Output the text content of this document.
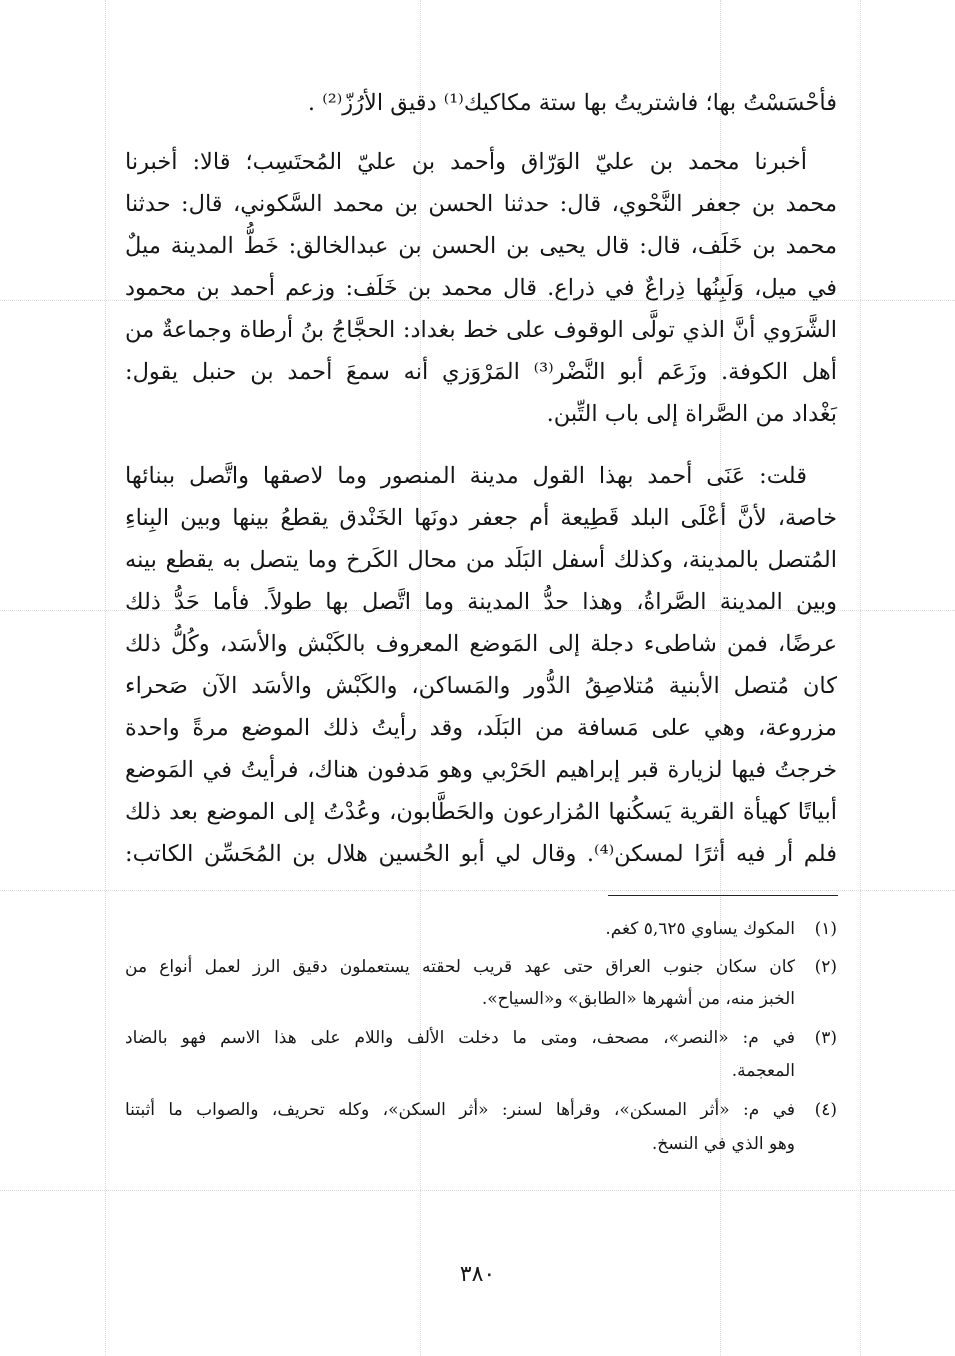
فأحْسَسْتُ بها؛ فاشتريتُ بها ستة مكاكيك⁽¹⁾ دقيق الأرُزّ⁽²⁾ .
أخبرنا محمد بن عليّ الوَرّاق وأحمد بن عليّ المُحتَسِب؛ قالا: أخبرنا
محمد بن جعفر النَّحْوي، قال: حدثنا الحسن بن محمد السَّكوني، قال: حدثنا
محمد بن خَلَف، قال: قال يحيى بن الحسن بن عبدالخالق: خَطُّ المدينة ميلٌ
في ميل، وَلَبِنُها ذِراعٌ في ذراع. قال محمد بن خَلَف: وزعم أحمد بن محمود
الشَّرَوي أنَّ الذي تولَّى الوقوف على خط بغداد: الحجَّاجُ بنُ أرطاة وجماعةٌ من
أهل الكوفة. وزَعَم أبو النَّضْر⁽³⁾ المَرْوَزي أنه سمعَ أحمد بن حنبل يقول:
بَغْداد من الصَّراة إلى باب التِّبن.
قلت: عَنَى أحمد بهذا القول مدينة المنصور وما لاصقها واتَّصل ببنائها
خاصة، لأنَّ أعْلَى البلد قَطِيعة أم جعفر دونَها الخَنْدق يقطعُ بينها وبين البِناءِ
المُتصل بالمدينة، وكذلك أسفل البَلَد من محال الكَرخ وما يتصل به يقطع بينه
وبين المدينة الصَّراةُ، وهذا حدُّ المدينة وما اتَّصل بها طولاً. فأما حَدُّ ذلك
عرضًا، فمن شاطىء دجلة إلى المَوضع المعروف بالكَبْش والأسَد، وكُلُّ ذلك
كان مُتصل الأبنية مُتلاصِقُ الدُّور والمَساكن، والكَبْش والأسَد الآن صَحراء
مزروعة، وهي على مَسافة من البَلَد، وقد رأيتُ ذلك الموضع مرةً واحدة
خرجتُ فيها لزيارة قبر إبراهيم الحَرْبي وهو مَدفون هناك، فرأيتُ في المَوضع
أبياتًا كهيأة القرية يَسكُنها المُزارعون والحَطَّابون، وعُدْتُ إلى الموضع بعد ذلك
فلم أر فيه أثرًا لمسكن⁽⁴⁾. وقال لي أبو الحُسين هلال بن المُحَسِّن الكاتب:
(١)المكوك يساوي ٥,٦٢٥ كغم.
(٢)كان سكان جنوب العراق حتى عهد قريب لحقته يستعملون دقيق الرز لعمل أنواع من
الخبز منه، من أشهرها «الطابق» و«السياح».
(٣)في م: «النصر»، مصحف، ومتى ما دخلت الألف واللام على هذا الاسم فهو بالضاد
المعجمة.
(٤)في م: «أثر المسكن»، وقرأها لسنر: «أثر السكن»، وكله تحريف، والصواب ما أثبتنا
وهو الذي في النسخ.
٣٨٠
